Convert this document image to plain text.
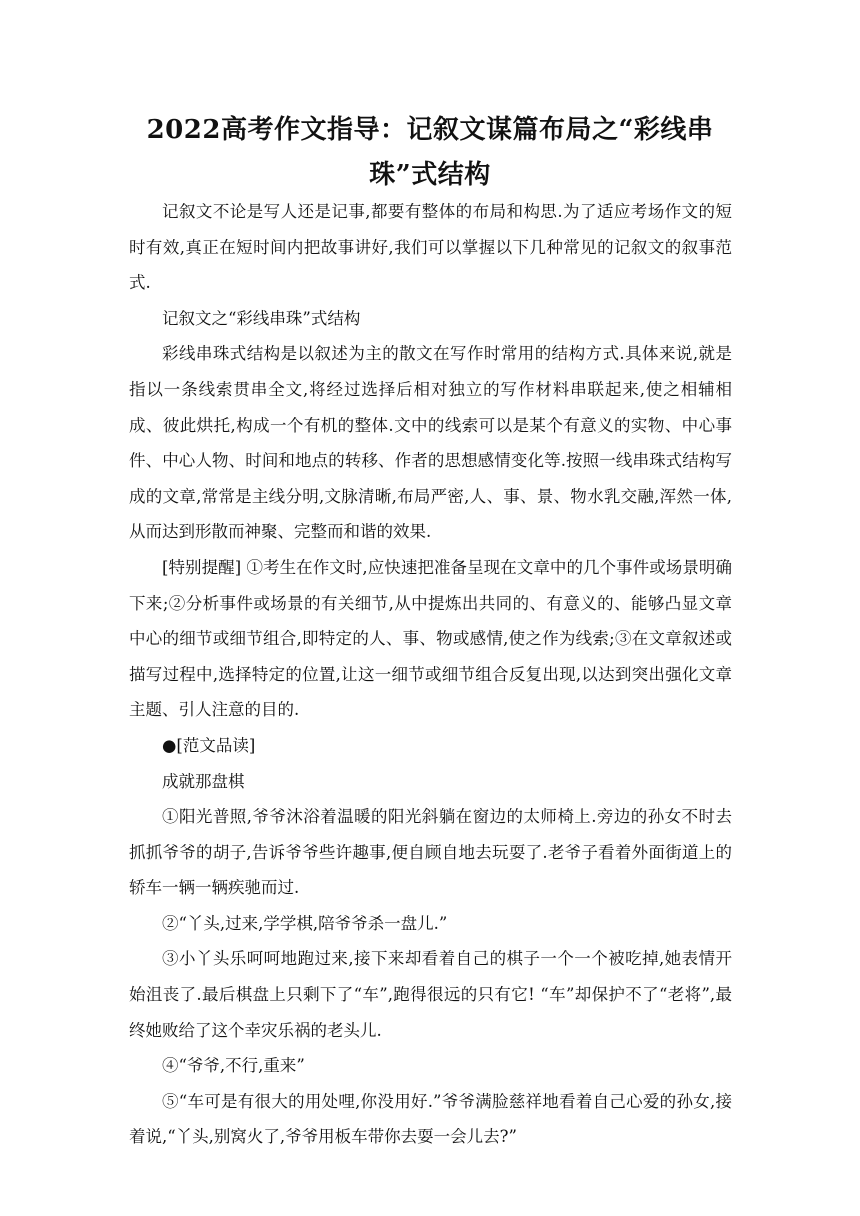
2022高考作文指导：记叙文谋篇布局之“彩线串珠”式结构

记叙文不论是写人还是记事,都要有整体的布局和构思.为了适应考场作文的短时有效,真正在短时间内把故事讲好,我们可以掌握以下几种常见的记叙文的叙事范式.

记叙文之“彩线串珠”式结构

彩线串珠式结构是以叙述为主的散文在写作时常用的结构方式.具体来说,就是指以一条线索贯串全文,将经过选择后相对独立的写作材料串联起来,使之相辅相成、彼此烘托,构成一个有机的整体.文中的线索可以是某个有意义的实物、中心事件、中心人物、时间和地点的转移、作者的思想感情变化等.按照一线串珠式结构写成的文章,常常是主线分明,文脉清晰,布局严密,人、事、景、物水乳交融,浑然一体,从而达到形散而神聚、完整而和谐的效果.

[特别提醒] ①考生在作文时,应快速把准备呈现在文章中的几个事件或场景明确下来;②分析事件或场景的有关细节,从中提炼出共同的、有意义的、能够凸显文章中心的细节或细节组合,即特定的人、事、物或感情,使之作为线索;③在文章叙述或描写过程中,选择特定的位置,让这一细节或细节组合反复出现,以达到突出强化文章主题、引人注意的目的.

●[范文品读]

成就那盘棋

①阳光普照,爷爷沐浴着温暖的阳光斜躺在窗边的太师椅上.旁边的孙女不时去抓抓爷爷的胡子,告诉爷爷些许趣事,便自顾自地去玩耍了.老爷子看着外面街道上的轿车一辆一辆疾驰而过.

②“丫头,过来,学学棋,陪爷爷杀一盘儿.”

③小丫头乐呵呵地跑过来,接下来却看着自己的棋子一个一个被吃掉,她表情开始沮丧了.最后棋盘上只剩下了“车”,跑得很远的只有它! “车”却保护不了“老将”,最终她败给了这个幸灾乐祸的老头儿.

④“爷爷,不行,重来”

⑤“车可是有很大的用处哩,你没用好.”爷爷满脸慈祥地看着自己心爱的孙女,接着说,“丫头,别窝火了,爷爷用板车带你去耍一会儿去?”
